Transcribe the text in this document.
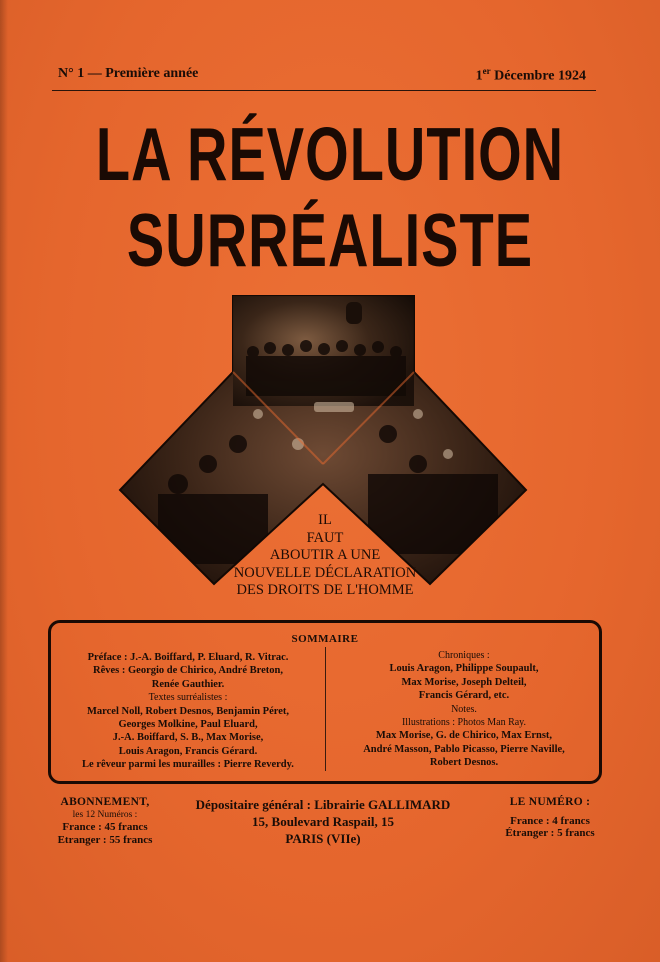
N° 1 — Première année	1er Décembre 1924
LA RÉVOLUTION
SURRÉALISTE
IL
FAUT
ABOUTIR A UNE
NOUVELLE DÉCLARATION
DES DROITS DE L'HOMME
SOMMAIRE
Préface : J.-A. Boiffard, P. Eluard, R. Vitrac.
Rêves : Georgio de Chirico, André Breton,
Renée Gauthier.
Textes surréalistes :
Marcel Noll, Robert Desnos, Benjamin Péret,
Georges Molkine, Paul Eluard,
J.-A. Boiffard, S. B., Max Morise,
Louis Aragon, Francis Gérard.
Le rêveur parmi les murailles : Pierre Reverdy.
Chroniques :
Louis Aragon, Philippe Soupault,
Max Morise, Joseph Delteil,
Francis Gérard, etc.
Notes.
Illustrations : Photos Man Ray.
Max Morise, G. de Chirico, Max Ernst,
André Masson, Pablo Picasso, Pierre Naville,
Robert Desnos.
ABONNEMENT,
les 12 Numéros :
France : 45 francs
Etranger : 55 francs
Dépositaire général : Librairie GALLIMARD
15, Boulevard Raspail, 15
PARIS (VIIe)
LE NUMÉRO :
France : 4 francs
Étranger : 5 francs
